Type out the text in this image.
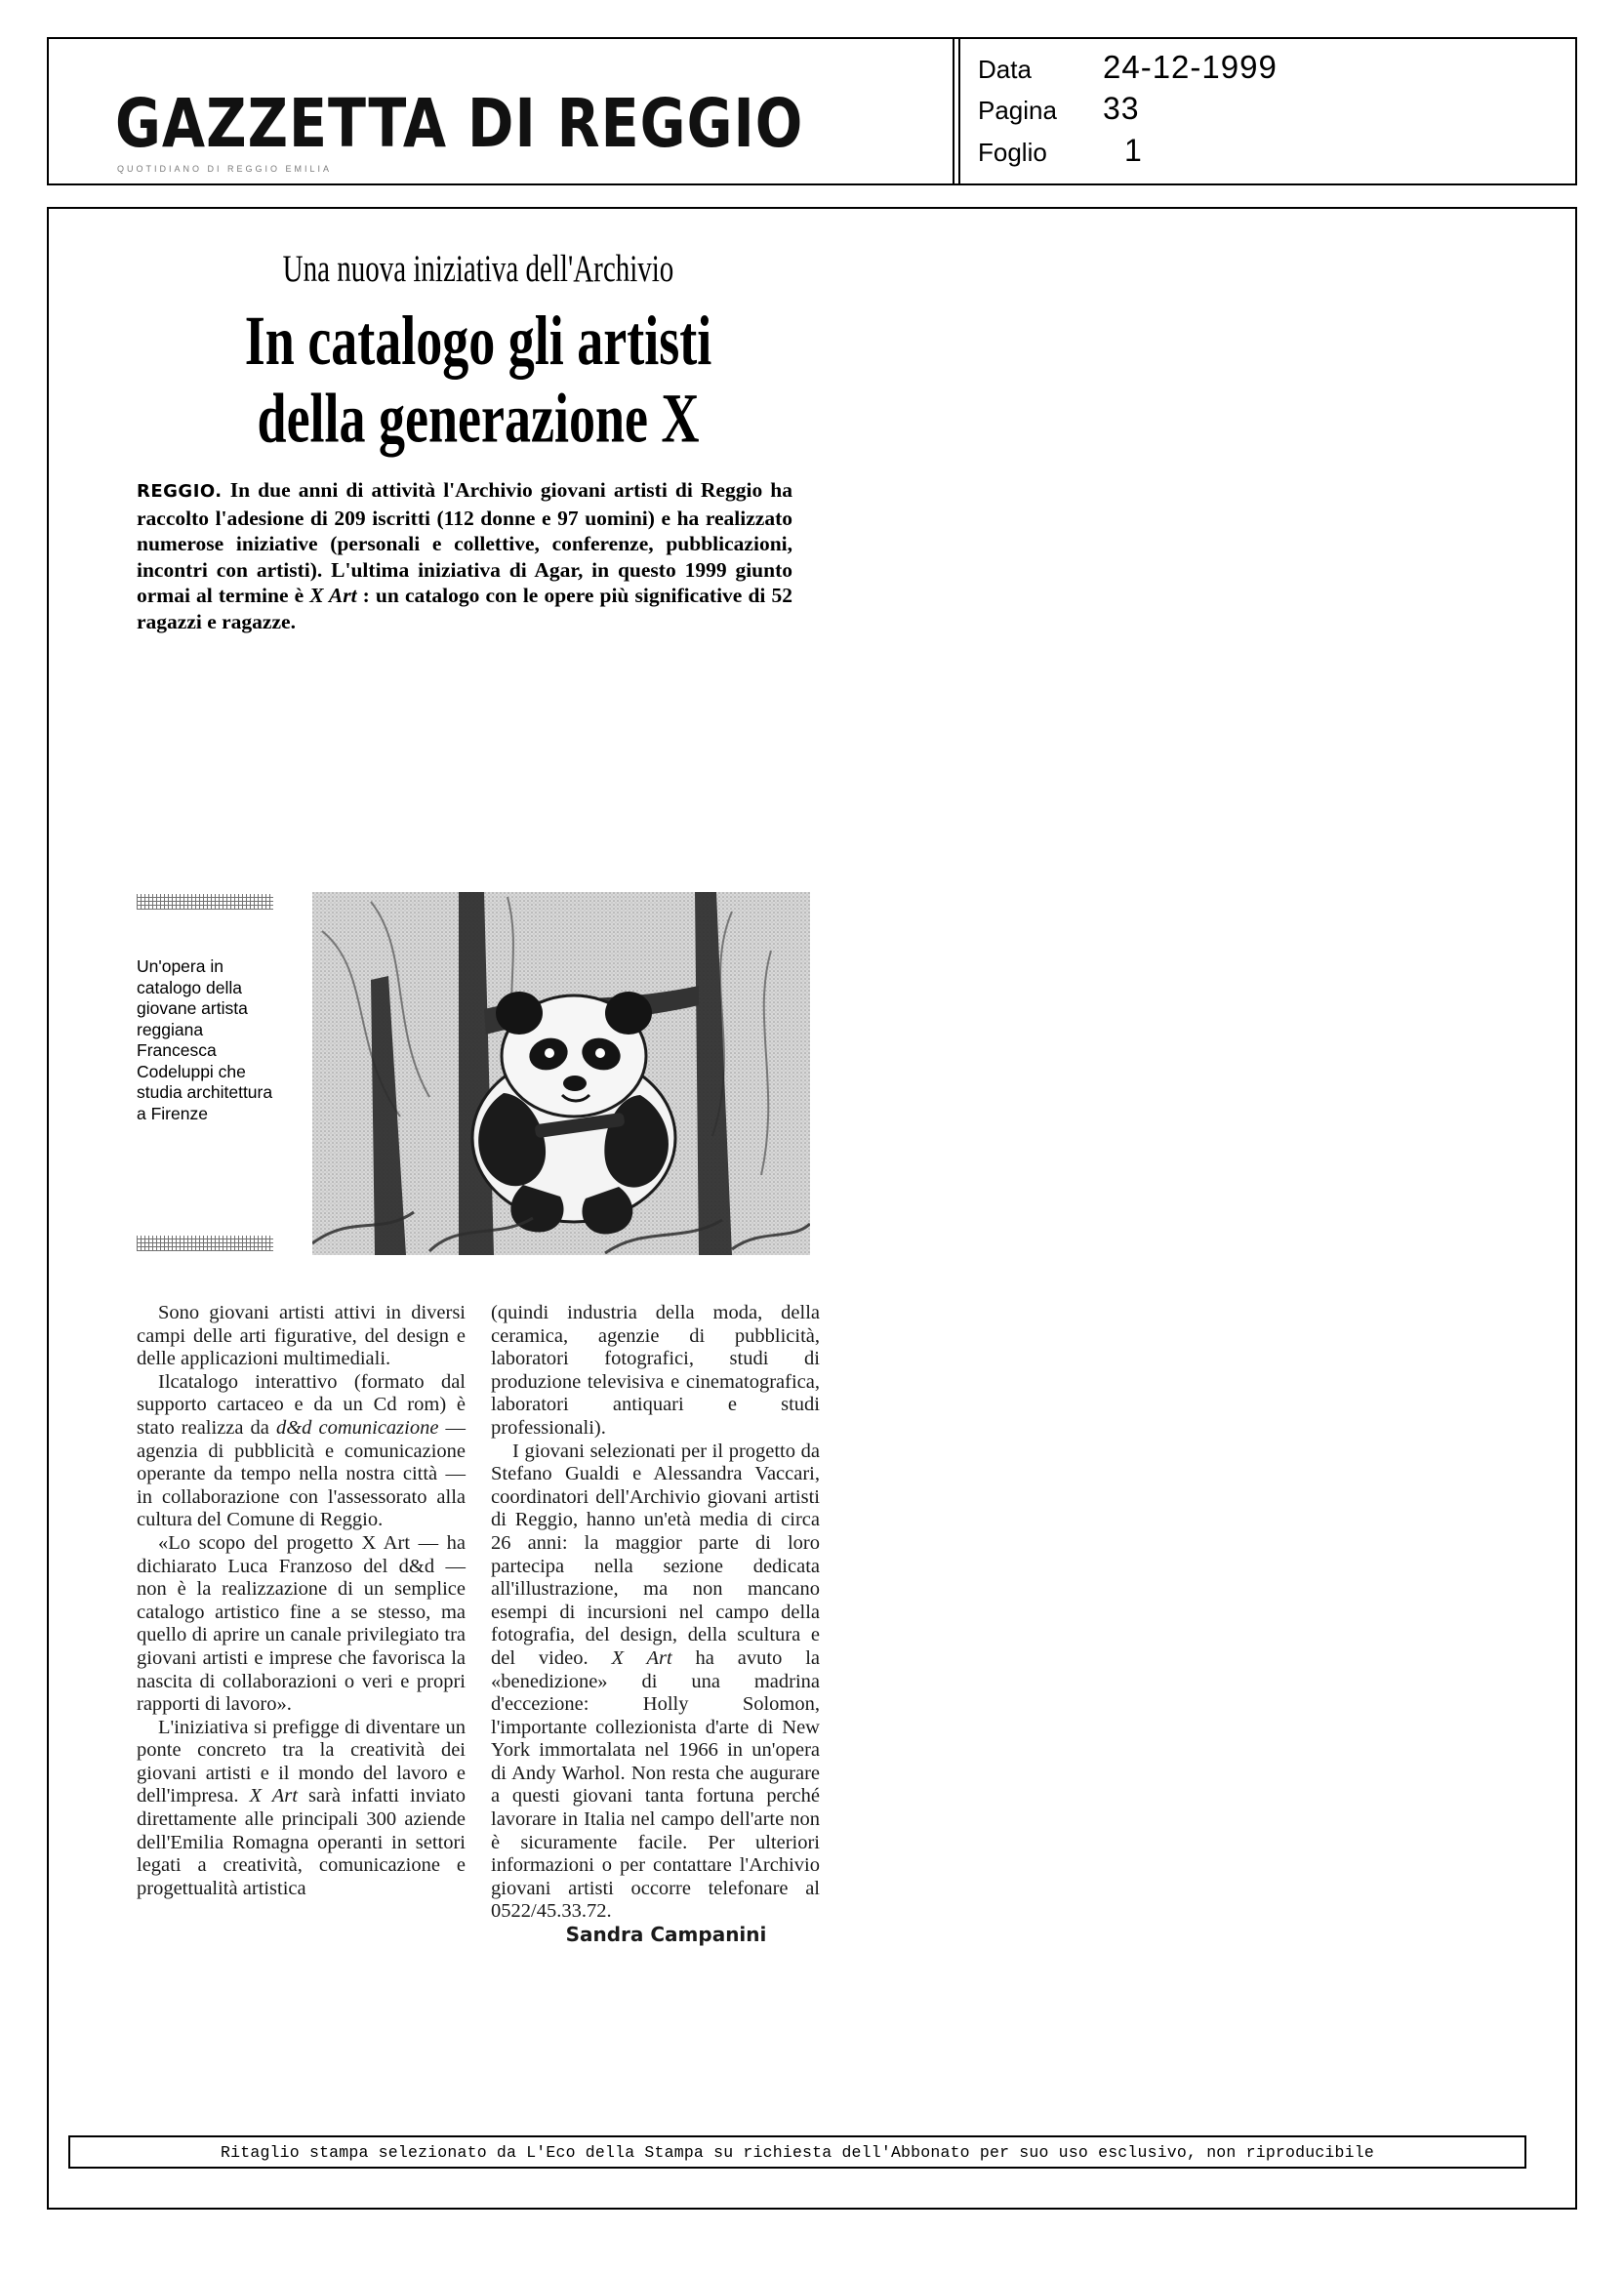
GAZZETTA DI REGGIO
QUOTIDIANO DI REGGIO EMILIA
Data	24-12-1999
Pagina	33
Foglio	1
Una nuova iniziativa dell'Archivio
In catalogo gli artisti
della generazione X
REGGIO. In due anni di attività l'Archivio giovani artisti di Reggio ha raccolto l'adesione di 209 iscritti (112 donne e 97 uomini) e ha realizzato numerose iniziative (personali e collettive, conferenze, pubblicazioni, incontri con artisti). L'ultima iniziativa di Agar, in questo 1999 giunto ormai al termine è X Art : un catalogo con le opere più significative di 52 ragazzi e ragazze.
Un'opera in catalogo della giovane artista reggiana Francesca Codeluppi che studia architettura a Firenze

Sono giovani artisti attivi in diversi campi delle arti figurative, del design e delle applicazioni multimediali.

Ilcatalogo interattivo (formato dal supporto cartaceo e da un Cd rom) è stato realizza da d&d comunicazione — agenzia di pubblicità e comunicazione operante da tempo nella nostra città — in collaborazione con l'assessorato alla cultura del Comune di Reggio.

«Lo scopo del progetto X Art — ha dichiarato Luca Franzoso del d&d — non è la realizzazione di un semplice catalogo artistico fine a se stesso, ma quello di aprire un canale privilegiato tra giovani artisti e imprese che favorisca la nascita di collaborazioni o veri e propri rapporti di lavoro».

L'iniziativa si prefigge di diventare un ponte concreto tra la creatività dei giovani artisti e il mondo del lavoro e dell'impresa. X Art sarà infatti inviato direttamente alle principali 300 aziende dell'Emilia Romagna operanti in settori legati a creatività, comunicazione e progettualità artistica

(quindi industria della moda, della ceramica, agenzie di pubblicità, laboratori fotografici, studi di produzione televisiva e cinematografica, laboratori antiquari e studi professionali).

I giovani selezionati per il progetto da Stefano Gualdi e Alessandra Vaccari, coordinatori dell'Archivio giovani artisti di Reggio, hanno un'età media di circa 26 anni: la maggior parte di loro partecipa nella sezione dedicata all'illustrazione, ma non mancano esempi di incursioni nel campo della fotografia, del design, della scultura e del video. X Art ha avuto la «benedizione» di una madrina d'eccezione: Holly Solomon, l'importante collezionista d'arte di New York immortalata nel 1966 in un'opera di Andy Warhol. Non resta che augurare a questi giovani tanta fortuna perché lavorare in Italia nel campo dell'arte non è sicuramente facile. Per ulteriori informazioni o per contattare l'Archivio giovani artisti occorre telefonare al 0522/45.33.72.

Sandra Campanini

Ritaglio stampa selezionato da L'Eco della Stampa su richiesta dell'Abbonato per suo uso esclusivo, non riproducibile
